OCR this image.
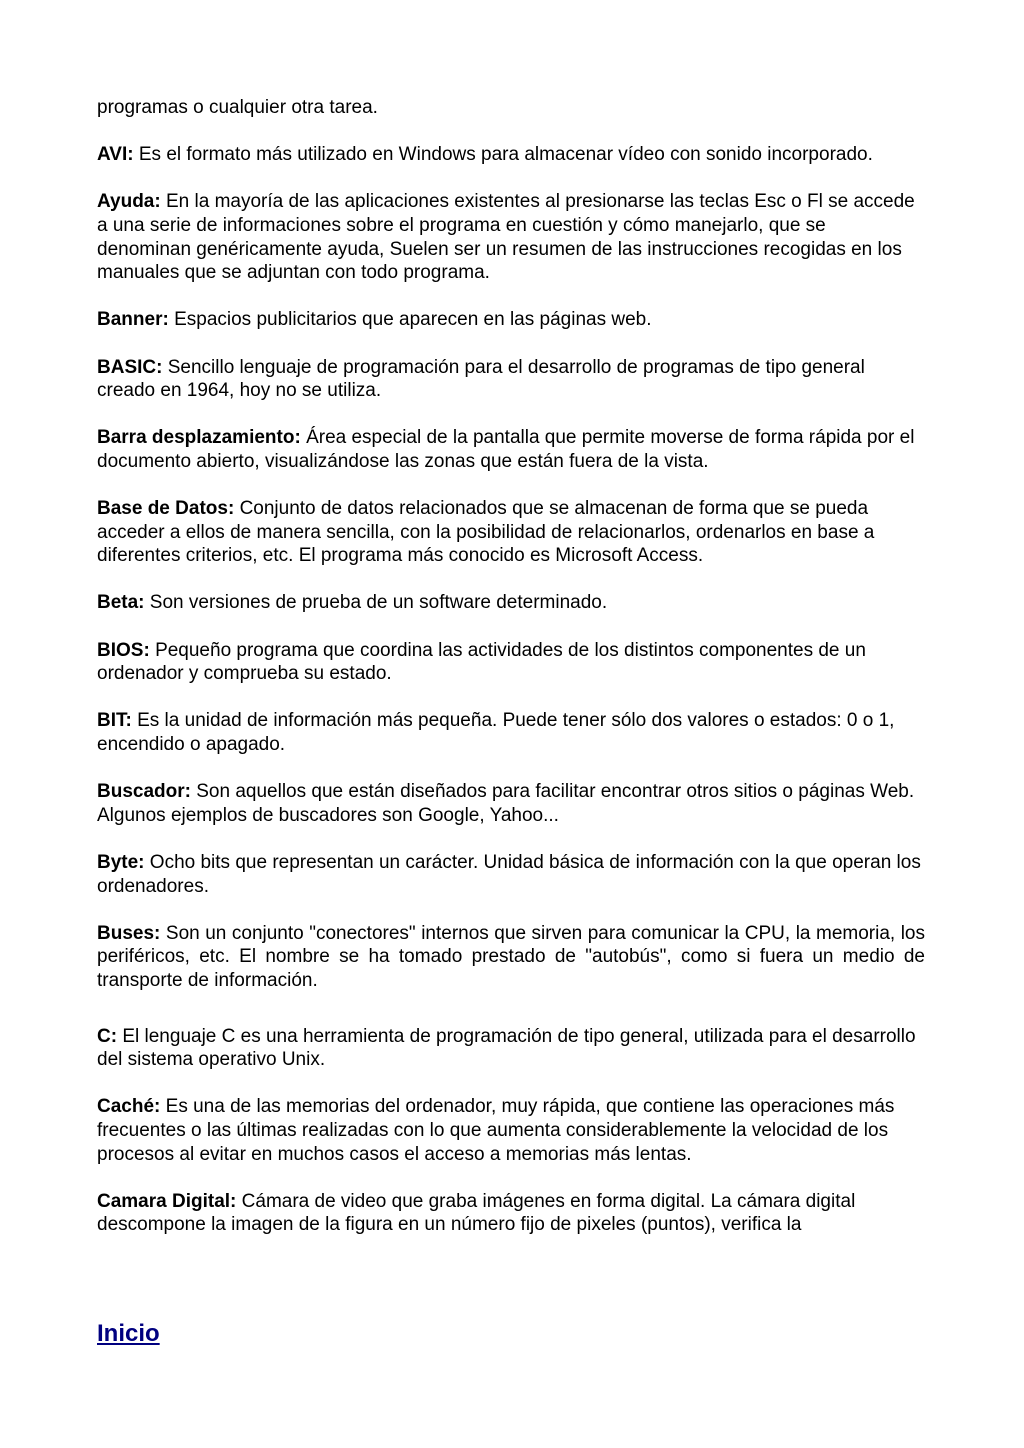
programas o cualquier otra tarea.

AVI: Es el formato más utilizado en Windows para almacenar vídeo con sonido incorporado.

Ayuda: En la mayoría de las aplicaciones existentes al presionarse las teclas Esc o Fl se accede a una serie de informaciones sobre el programa en cuestión y cómo manejarlo, que se denominan genéricamente ayuda, Suelen ser un resumen de las instrucciones recogidas en los manuales que se adjuntan con todo programa.

Banner: Espacios publicitarios que aparecen en las páginas web.

BASIC: Sencillo lenguaje de programación para el desarrollo de programas de tipo general creado en 1964, hoy no se utiliza.

Barra desplazamiento: Área especial de la pantalla que permite moverse de forma rápida por el documento abierto, visualizándose las zonas que están fuera de la vista.

Base de Datos: Conjunto de datos relacionados que se almacenan de forma que se pueda acceder a ellos de manera sencilla, con la posibilidad de relacionarlos, ordenarlos en base a diferentes criterios, etc. El programa más conocido es Microsoft Access.

Beta: Son versiones de prueba de un software determinado.

BIOS: Pequeño programa que coordina las actividades de los distintos componentes de un ordenador y comprueba su estado.

BIT: Es la unidad de información más pequeña. Puede tener sólo dos valores o estados: 0 o 1, encendido o apagado.

Buscador: Son aquellos que están diseñados para facilitar encontrar otros sitios o páginas Web. Algunos ejemplos de buscadores son Google, Yahoo...

Byte: Ocho bits que representan un carácter. Unidad básica de información con la que operan los ordenadores.

Buses: Son un conjunto "conectores" internos que sirven para comunicar la CPU, la memoria, los periféricos, etc. El nombre se ha tomado prestado de "autobús", como si fuera un medio de transporte de información.

C: El lenguaje C es una herramienta de programación de tipo general, utilizada para el desarrollo del sistema operativo Unix.

Caché: Es una de las memorias del ordenador, muy rápida, que contiene las operaciones más frecuentes o las últimas realizadas con lo que aumenta considerablemente la velocidad de los procesos al evitar en muchos casos el acceso a memorias más lentas.

Camara Digital: Cámara de video que graba imágenes en forma digital. La cámara digital descompone la imagen de la figura en un número fijo de pixeles (puntos), verifica la

Inicio
